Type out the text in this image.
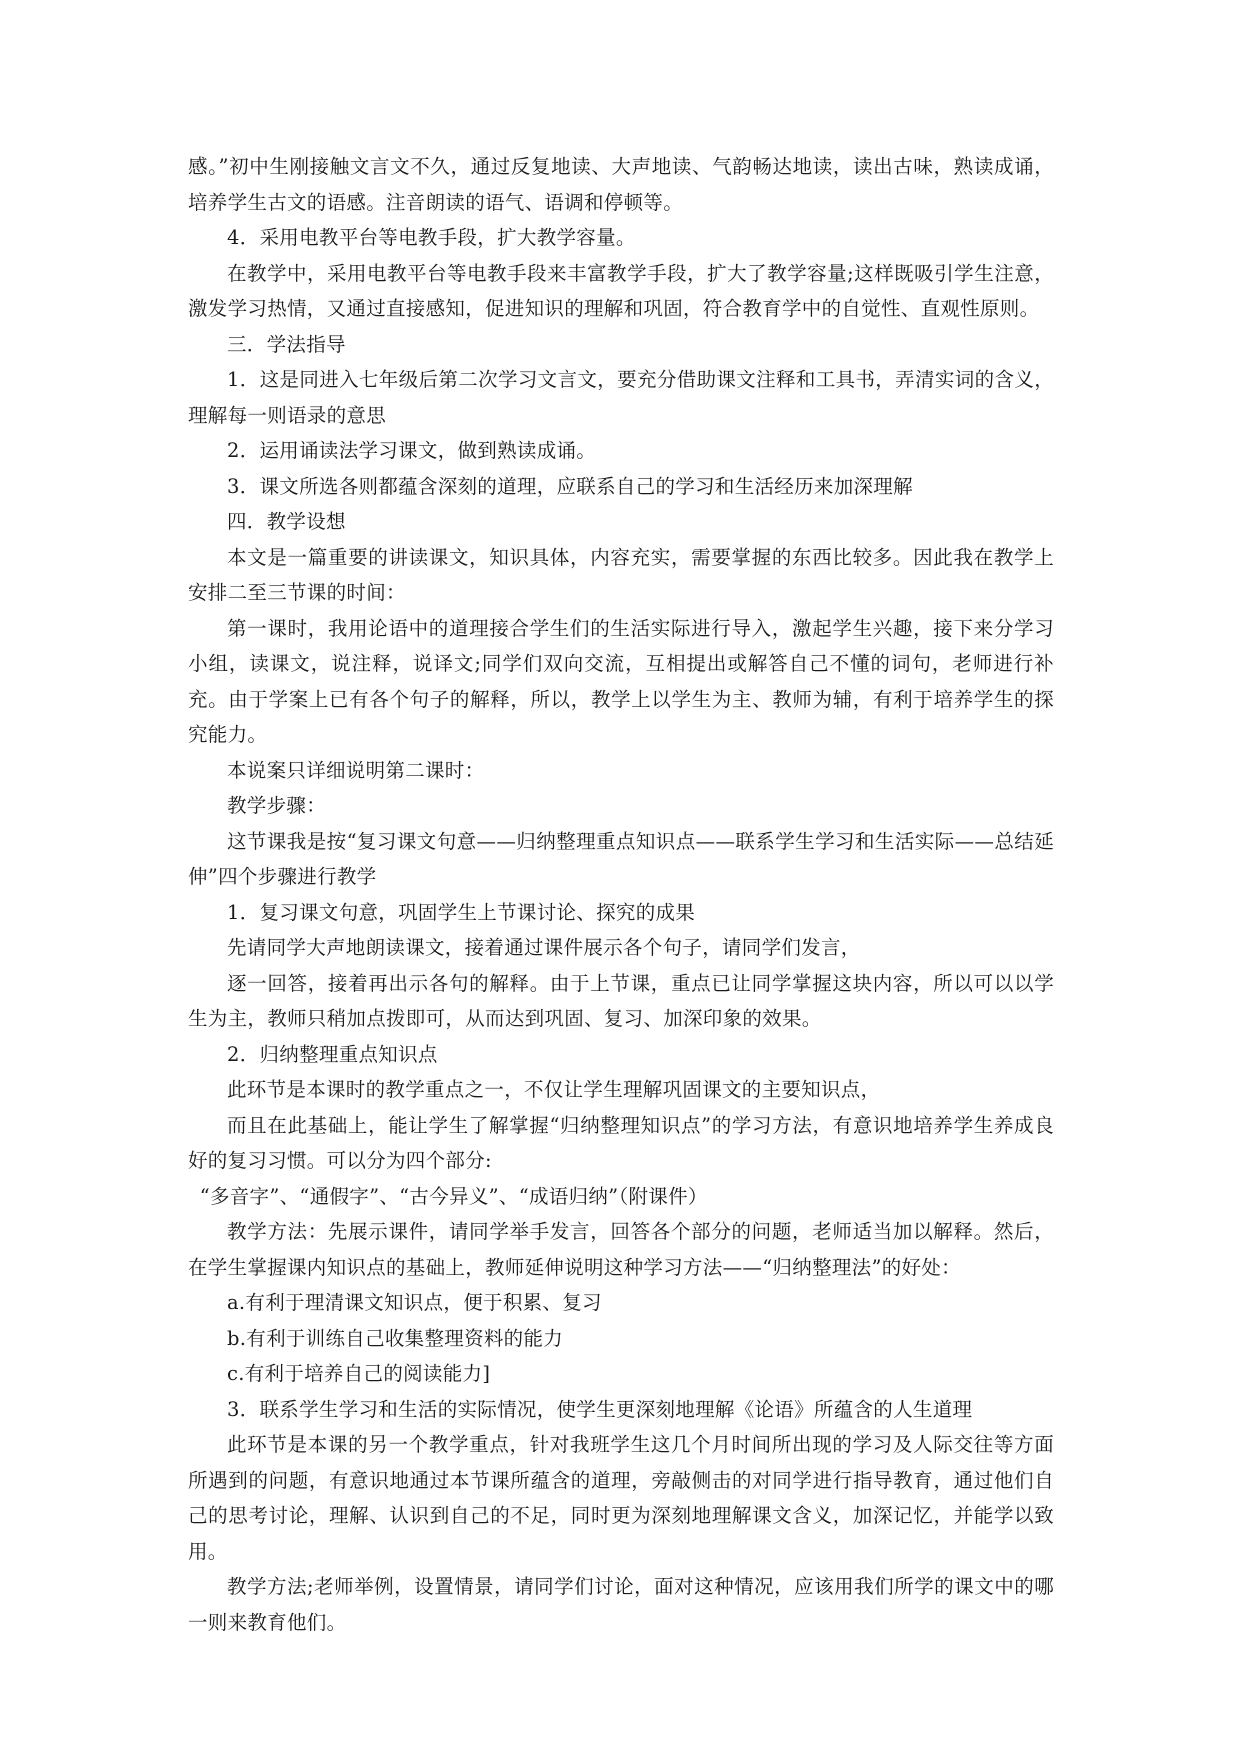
感。”初中生刚接触文言文不久，通过反复地读、大声地读、气韵畅达地读，读出古味，熟读成诵，培养学生古文的语感。注音朗读的语气、语调和停顿等。

4．采用电教平台等电教手段，扩大教学容量。

在教学中，采用电教平台等电教手段来丰富教学手段，扩大了教学容量;这样既吸引学生注意，激发学习热情，又通过直接感知，促进知识的理解和巩固，符合教育学中的自觉性、直观性原则。

三．学法指导

1．这是同进入七年级后第二次学习文言文，要充分借助课文注释和工具书，弄清实词的含义，理解每一则语录的意思

2．运用诵读法学习课文，做到熟读成诵。

3．课文所选各则都蕴含深刻的道理，应联系自己的学习和生活经历来加深理解

四．教学设想

本文是一篇重要的讲读课文，知识具体，内容充实，需要掌握的东西比较多。因此我在教学上安排二至三节课的时间：

第一课时，我用论语中的道理接合学生们的生活实际进行导入，激起学生兴趣，接下来分学习小组，读课文，说注释，说译文;同学们双向交流，互相提出或解答自己不懂的词句，老师进行补充。由于学案上已有各个句子的解释，所以，教学上以学生为主、教师为辅，有利于培养学生的探究能力。

本说案只详细说明第二课时：

教学步骤：

这节课我是按“复习课文句意——归纳整理重点知识点——联系学生学习和生活实际——总结延伸”四个步骤进行教学

1．复习课文句意，巩固学生上节课讨论、探究的成果

先请同学大声地朗读课文，接着通过课件展示各个句子，请同学们发言，

逐一回答，接着再出示各句的解释。由于上节课，重点已让同学掌握这块内容，所以可以以学生为主，教师只稍加点拨即可，从而达到巩固、复习、加深印象的效果。

2．归纳整理重点知识点

此环节是本课时的教学重点之一，不仅让学生理解巩固课文的主要知识点，

而且在此基础上，能让学生了解掌握“归纳整理知识点”的学习方法，有意识地培养学生养成良好的复习习惯。可以分为四个部分:

“多音字”、“通假字”、“古今异义”、“成语归纳”（附课件）

教学方法：先展示课件，请同学举手发言，回答各个部分的问题，老师适当加以解释。然后，在学生掌握课内知识点的基础上，教师延伸说明这种学习方法——“归纳整理法”的好处：

a.有利于理清课文知识点，便于积累、复习

b.有利于训练自己收集整理资料的能力

c.有利于培养自己的阅读能力]

3．联系学生学习和生活的实际情况，使学生更深刻地理解《论语》所蕴含的人生道理

此环节是本课的另一个教学重点，针对我班学生这几个月时间所出现的学习及人际交往等方面所遇到的问题，有意识地通过本节课所蕴含的道理，旁敲侧击的对同学进行指导教育，通过他们自己的思考讨论，理解、认识到自己的不足，同时更为深刻地理解课文含义，加深记忆，并能学以致用。

教学方法;老师举例，设置情景，请同学们讨论，面对这种情况，应该用我们所学的课文中的哪一则来教育他们。
